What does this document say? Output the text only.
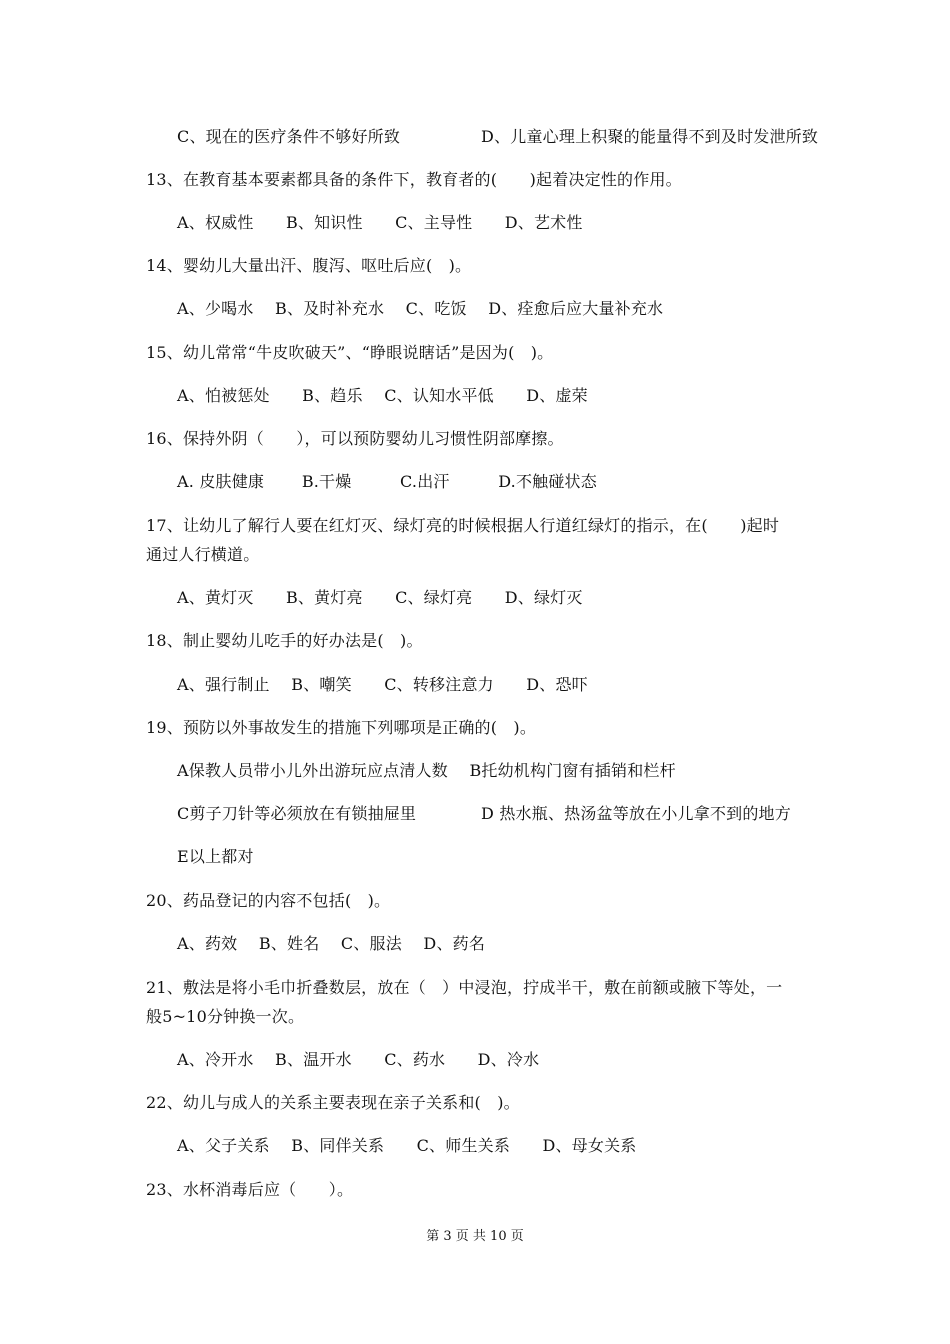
C、现在的医疗条件不够好所致　　　　　D、儿童心理上积聚的能量得不到及时发泄所致
13、在教育基本要素都具备的条件下，教育者的(　　)起着决定性的作用。
A、权威性　　B、知识性　　C、主导性　　D、艺术性
14、婴幼儿大量出汗、腹泻、呕吐后应(　)。
A、少喝水　 B、及时补充水　 C、吃饭　 D、痊愈后应大量补充水
15、幼儿常常“牛皮吹破天”、“睁眼说瞎话”是因为(　)。
A、怕被惩处　　B、趋乐　 C、认知水平低　　D、虚荣
16、保持外阴（　　），可以预防婴幼儿习惯性阴部摩擦。
A. 皮肤健康　　 B.干燥　　　C.出汗　　　D.不触碰状态
17、让幼儿了解行人要在红灯灭、绿灯亮的时候根据人行道红绿灯的指示，在(　　)起时
通过人行横道。
A、黄灯灭　　B、黄灯亮　　C、绿灯亮　　D、绿灯灭
18、制止婴幼儿吃手的好办法是(　)。
A、强行制止　 B、嘲笑　　C、转移注意力　　D、恐吓
19、预防以外事故发生的措施下列哪项是正确的(　)。
A保教人员带小儿外出游玩应点清人数　 B托幼机构门窗有插销和栏杆
C剪子刀针等必须放在有锁抽屉里　　　　D 热水瓶、热汤盆等放在小儿拿不到的地方
E以上都对
20、药品登记的内容不包括(　)。
A、药效　 B、姓名　 C、服法　 D、药名
21、敷法是将小毛巾折叠数层，放在（　）中浸泡，拧成半干，敷在前额或腋下等处，一
般5~10分钟换一次。
A、冷开水　 B、温开水　　C、药水　　D、冷水
22、幼儿与成人的关系主要表现在亲子关系和(　)。
A、父子关系　 B、同伴关系　　C、师生关系　　D、母女关系
23、水杯消毒后应（　　）。
第 3 页 共 10 页
